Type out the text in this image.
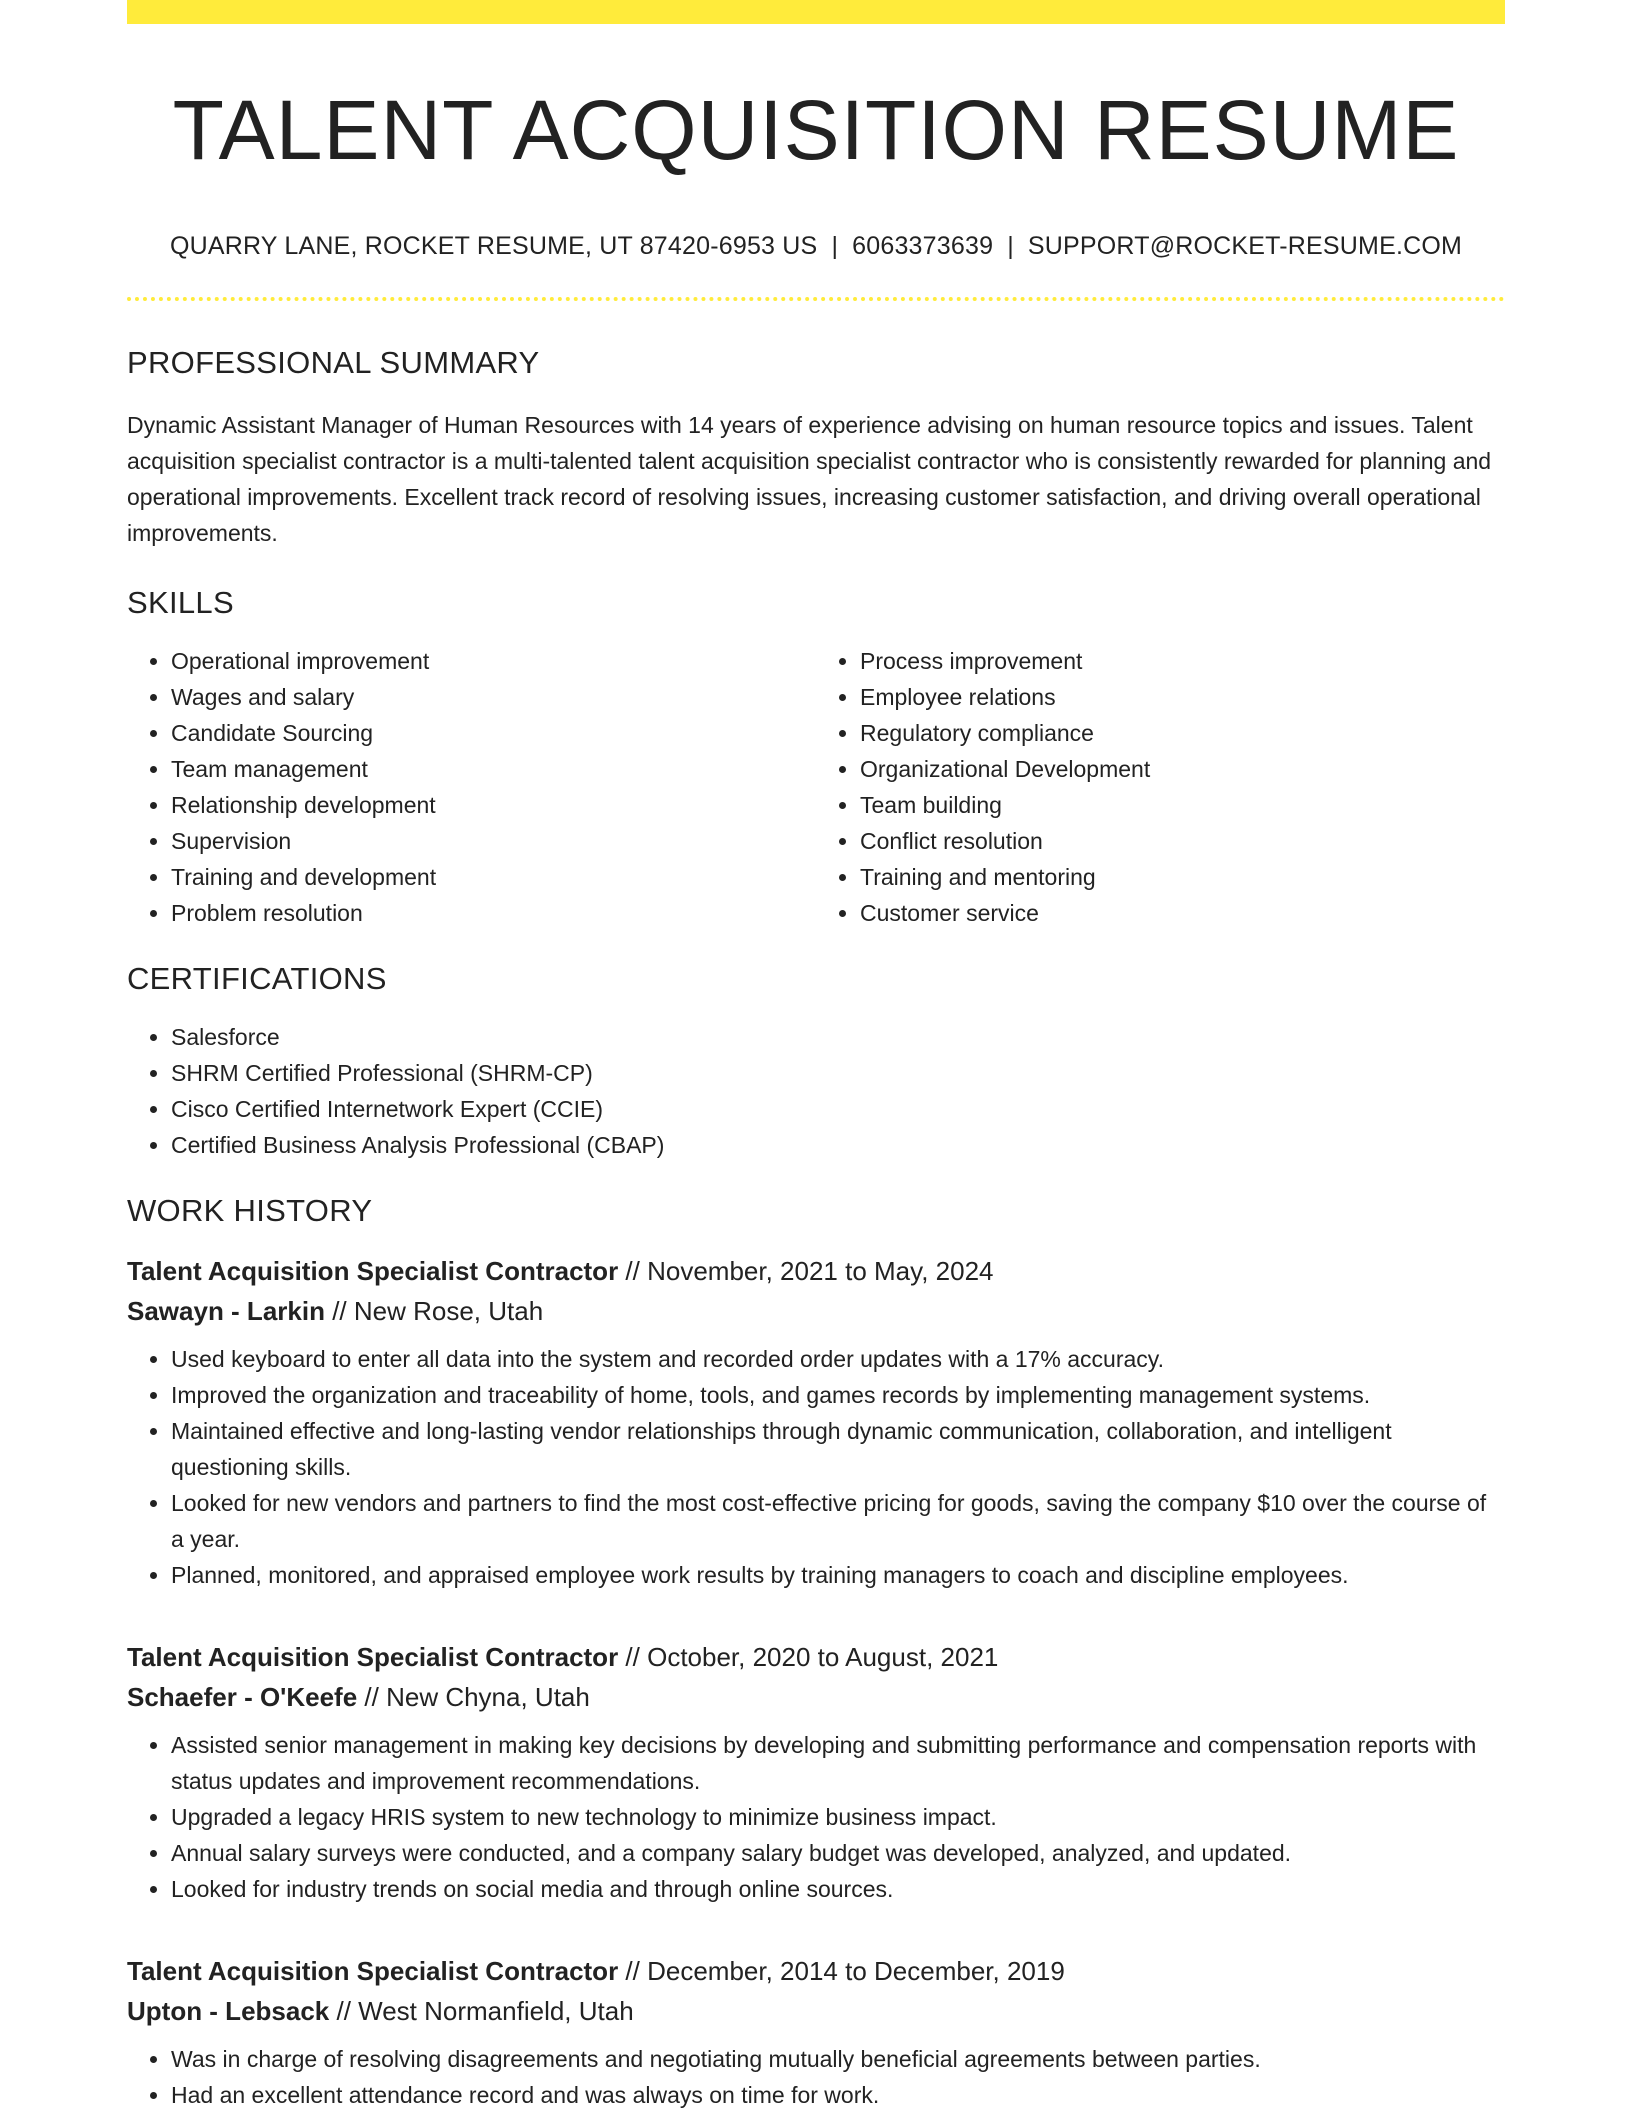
TALENT ACQUISITION RESUME
QUARRY LANE, ROCKET RESUME, UT 87420-6953 US | 6063373639 | SUPPORT@ROCKET-RESUME.COM
PROFESSIONAL SUMMARY

Dynamic Assistant Manager of Human Resources with 14 years of experience advising on human resource topics and issues. Talent acquisition specialist contractor is a multi-talented talent acquisition specialist contractor who is consistently rewarded for planning and operational improvements. Excellent track record of resolving issues, increasing customer satisfaction, and driving overall operational improvements.

SKILLS
• Operational improvement
• Wages and salary
• Candidate Sourcing
• Team management
• Relationship development
• Supervision
• Training and development
• Problem resolution
• Process improvement
• Employee relations
• Regulatory compliance
• Organizational Development
• Team building
• Conflict resolution
• Training and mentoring
• Customer service
CERTIFICATIONS
• Salesforce
• SHRM Certified Professional (SHRM-CP)
• Cisco Certified Internetwork Expert (CCIE)
• Certified Business Analysis Professional (CBAP)
WORK HISTORY
Talent Acquisition Specialist Contractor // November, 2021 to May, 2024
Sawayn - Larkin // New Rose, Utah
• Used keyboard to enter all data into the system and recorded order updates with a 17% accuracy.
• Improved the organization and traceability of home, tools, and games records by implementing management systems.
• Maintained effective and long-lasting vendor relationships through dynamic communication, collaboration, and intelligent questioning skills.
• Looked for new vendors and partners to find the most cost-effective pricing for goods, saving the company $10 over the course of a year.
• Planned, monitored, and appraised employee work results by training managers to coach and discipline employees.
Talent Acquisition Specialist Contractor // October, 2020 to August, 2021
Schaefer - O'Keefe // New Chyna, Utah
• Assisted senior management in making key decisions by developing and submitting performance and compensation reports with status updates and improvement recommendations.
• Upgraded a legacy HRIS system to new technology to minimize business impact.
• Annual salary surveys were conducted, and a company salary budget was developed, analyzed, and updated.
• Looked for industry trends on social media and through online sources.
Talent Acquisition Specialist Contractor // December, 2014 to December, 2019
Upton - Lebsack // West Normanfield, Utah
• Was in charge of resolving disagreements and negotiating mutually beneficial agreements between parties.
• Had an excellent attendance record and was always on time for work.
